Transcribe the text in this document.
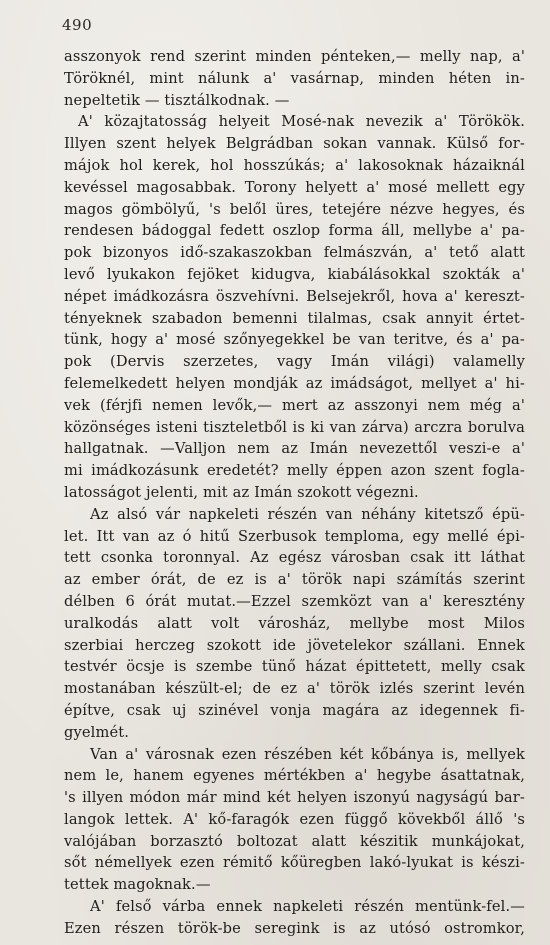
490
asszonyok rend szerint minden pénteken,— melly nap, a'
Töröknél, mint nálunk a' vasárnap, minden héten in-
nepeltetik — tisztálkodnak. —
A' közajtatosság helyeit Mosé-nak nevezik a' Törökök.
Illyen szent helyek Belgrádban sokan vannak. Külső for-
májok hol kerek, hol hosszúkás; a' lakosoknak házaiknál
kevéssel magosabbak. Torony helyett a' mosé mellett egy
magos gömbölyű, 's belől üres, tetejére nézve hegyes, és
rendesen bádoggal fedett oszlop forma áll, mellybe a' pa-
pok bizonyos idő-szakaszokban felmászván, a' tető alatt
levő lyukakon fejöket kidugva, kiabálásokkal szokták a'
népet imádkozásra öszvehívni. Belsejekről, hova a' kereszt-
tényeknek szabadon bemenni tilalmas, csak annyit értet-
tünk, hogy a' mosé szőnyegekkel be van teritve, és a' pa-
pok (Dervis szerzetes, vagy Imán világi) valamelly
felemelkedett helyen mondják az imádságot, mellyet a' hi-
vek (férjfi nemen levők,— mert az asszonyi nem még a'
közönséges isteni tiszteletből is ki van zárva) arczra borulva
hallgatnak. —Valljon nem az Imán nevezettől veszi-e a'
mi imádkozásunk eredetét? melly éppen azon szent fogla-
latosságot jelenti, mit az Imán szokott végezni.
Az alsó vár napkeleti részén van néhány kitetsző épü-
let. Itt van az ó hitű Szerbusok temploma, egy mellé épi-
tett csonka toronnyal. Az egész városban csak itt láthat
az ember órát, de ez is a' török napi számítás szerint
délben 6 órát mutat.—Ezzel szemközt van a' keresztény
uralkodás alatt volt városház, mellybe most Milos
szerbiai herczeg szokott ide jövetelekor szállani. Ennek
testvér öcsje is szembe tünő házat épittetett, melly csak
mostanában készült-el; de ez a' török izlés szerint levén
építve, csak uj szinével vonja magára az idegennek fi-
gyelmét.
Van a' városnak ezen részében két kőbánya is, mellyek
nem le, hanem egyenes mértékben a' hegybe ásattatnak,
's illyen módon már mind két helyen iszonyú nagyságú bar-
langok lettek. A' kő-faragók ezen függő kövekből állő 's
valójában borzasztó boltozat alatt készitik munkájokat,
sőt némellyek ezen rémitő kőüregben lakó-lyukat is készi-
tettek magoknak.—
A' felső várba ennek napkeleti részén mentünk-fel.—
Ezen részen török-be seregink is az utósó ostromkor,
